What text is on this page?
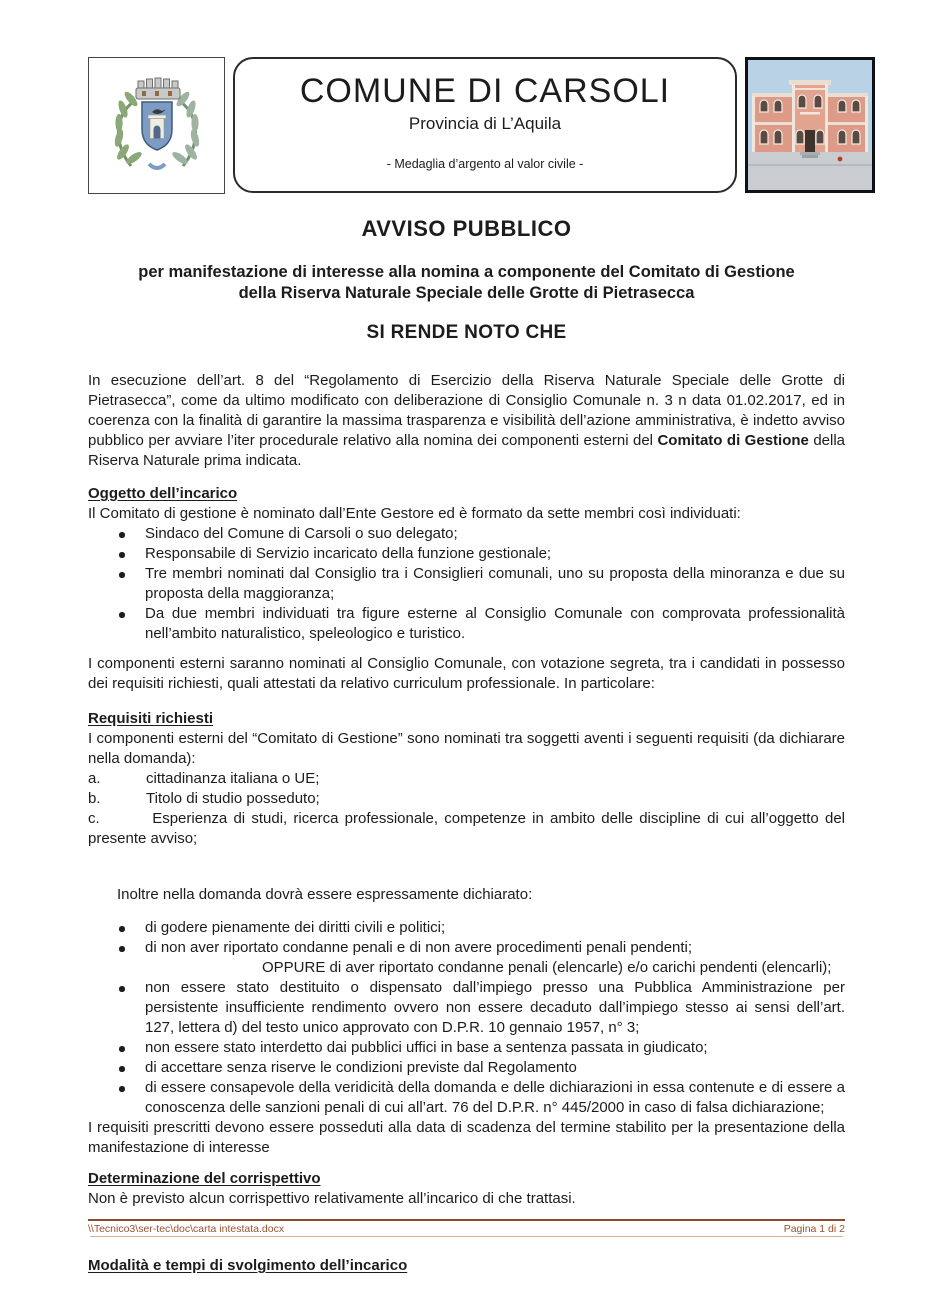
COMUNE DI CARSOLI
Provincia di L’Aquila
- Medaglia d’argento al valor civile -
AVVISO PUBBLICO
per manifestazione di interesse alla nomina a componente del Comitato di Gestione
della Riserva Naturale Speciale delle Grotte di Pietrasecca
SI RENDE NOTO CHE

In esecuzione dell’art. 8 del “Regolamento di Esercizio della Riserva Naturale Speciale delle Grotte di Pietrasecca”, come da ultimo modificato con deliberazione di Consiglio Comunale n. 3 n data 01.02.2017, ed in coerenza con la finalità di garantire la massima trasparenza e visibilità dell’azione amministrativa, è indetto avviso pubblico per avviare l’iter procedurale relativo alla nomina dei componenti esterni del Comitato di Gestione della Riserva Naturale prima indicata.

Oggetto dell’incarico

Il Comitato di gestione è nominato dall’Ente Gestore ed è formato da sette membri così individuati:

Sindaco del Comune di Carsoli o suo delegato;
Responsabile di Servizio incaricato della funzione gestionale;
Tre membri nominati dal Consiglio tra i Consiglieri comunali, uno su proposta della minoranza e due su proposta della maggioranza;
Da due membri individuati tra figure esterne al Consiglio Comunale con comprovata professionalità nell’ambito naturalistico, speleologico e turistico.

I componenti esterni saranno nominati al Consiglio Comunale, con votazione segreta, tra i candidati in possesso dei requisiti richiesti, quali attestati da relativo curriculum professionale. In particolare:

Requisiti richiesti

I componenti esterni del “Comitato di Gestione” sono nominati tra soggetti aventi i seguenti requisiti (da dichiarare nella domanda):

a.	cittadinanza italiana o UE;

b.	Titolo di studio posseduto;

c.	Esperienza di studi, ricerca professionale, competenze in ambito delle discipline di cui all’oggetto del presente avviso;

Inoltre nella domanda dovrà essere espressamente dichiarato:

di godere pienamente dei diritti civili e politici;
di non aver riportato condanne penali e di non avere procedimenti penali pendenti;
OPPURE di aver riportato condanne penali (elencarle) e/o carichi pendenti (elencarli);
non essere stato destituito o dispensato dall’impiego presso una Pubblica Amministrazione per persistente insufficiente rendimento ovvero non essere decaduto dall’impiego stesso ai sensi dell’art. 127, lettera d) del testo unico approvato con D.P.R. 10 gennaio 1957, n° 3;
non essere stato interdetto dai pubblici uffici in base a sentenza passata in giudicato;
di accettare senza riserve le condizioni previste dal Regolamento
di essere consapevole della veridicità della domanda e delle dichiarazioni in essa contenute e di essere a conoscenza delle sanzioni penali di cui all’art. 76 del D.P.R. n° 445/2000 in caso di falsa dichiarazione;

I requisiti prescritti devono essere posseduti alla data di scadenza del termine stabilito per la presentazione della manifestazione di interesse

Determinazione del corrispettivo

Non è previsto alcun corrispettivo relativamente all’incarico di che trattasi.

Modalità e tempi di svolgimento dell’incarico
\\Tecnico3\ser-tec\doc\carta intestata.docx	Pagina 1 di 2
